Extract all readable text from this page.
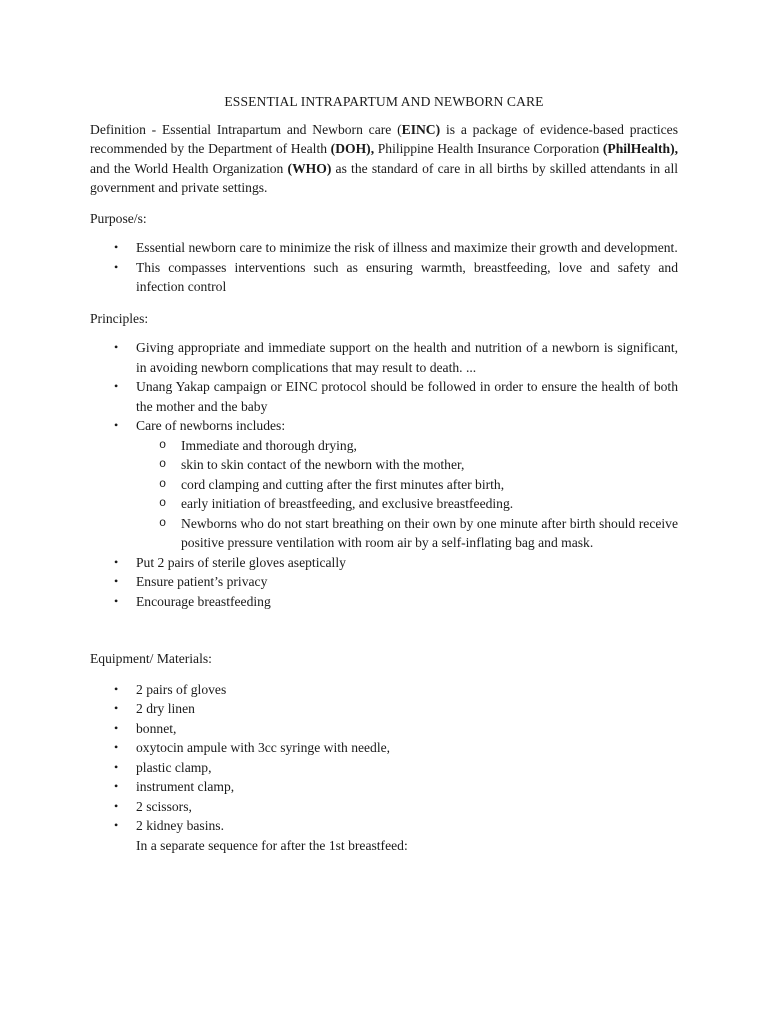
ESSENTIAL INTRAPARTUM AND NEWBORN CARE

Definition - Essential Intrapartum and Newborn care (EINC) is a package of evidence-based practices recommended by the Department of Health (DOH), Philippine Health Insurance Corporation (PhilHealth), and the World Health Organization (WHO) as the standard of care in all births by skilled attendants in all government and private settings.

Purpose/s:

• Essential newborn care to minimize the risk of illness and maximize their growth and development.
• This compasses interventions such as ensuring warmth, breastfeeding, love and safety and infection control

Principles:

• Giving appropriate and immediate support on the health and nutrition of a newborn is significant, in avoiding newborn complications that may result to death. ...
• Unang Yakap campaign or EINC protocol should be followed in order to ensure the health of both the mother and the baby
• Care of newborns includes:
o Immediate and thorough drying,
o skin to skin contact of the newborn with the mother,
o cord clamping and cutting after the first minutes after birth,
o early initiation of breastfeeding, and exclusive breastfeeding.
o Newborns who do not start breathing on their own by one minute after birth should receive positive pressure ventilation with room air by a self-inflating bag and mask.
• Put 2 pairs of sterile gloves aseptically
• Ensure patient’s privacy
• Encourage breastfeeding

Equipment/ Materials:

• 2 pairs of gloves
• 2 dry linen
• bonnet,
• oxytocin ampule with 3cc syringe with needle,
• plastic clamp,
• instrument clamp,
• 2 scissors,
• 2 kidney basins.

In a separate sequence for after the 1st breastfeed:
